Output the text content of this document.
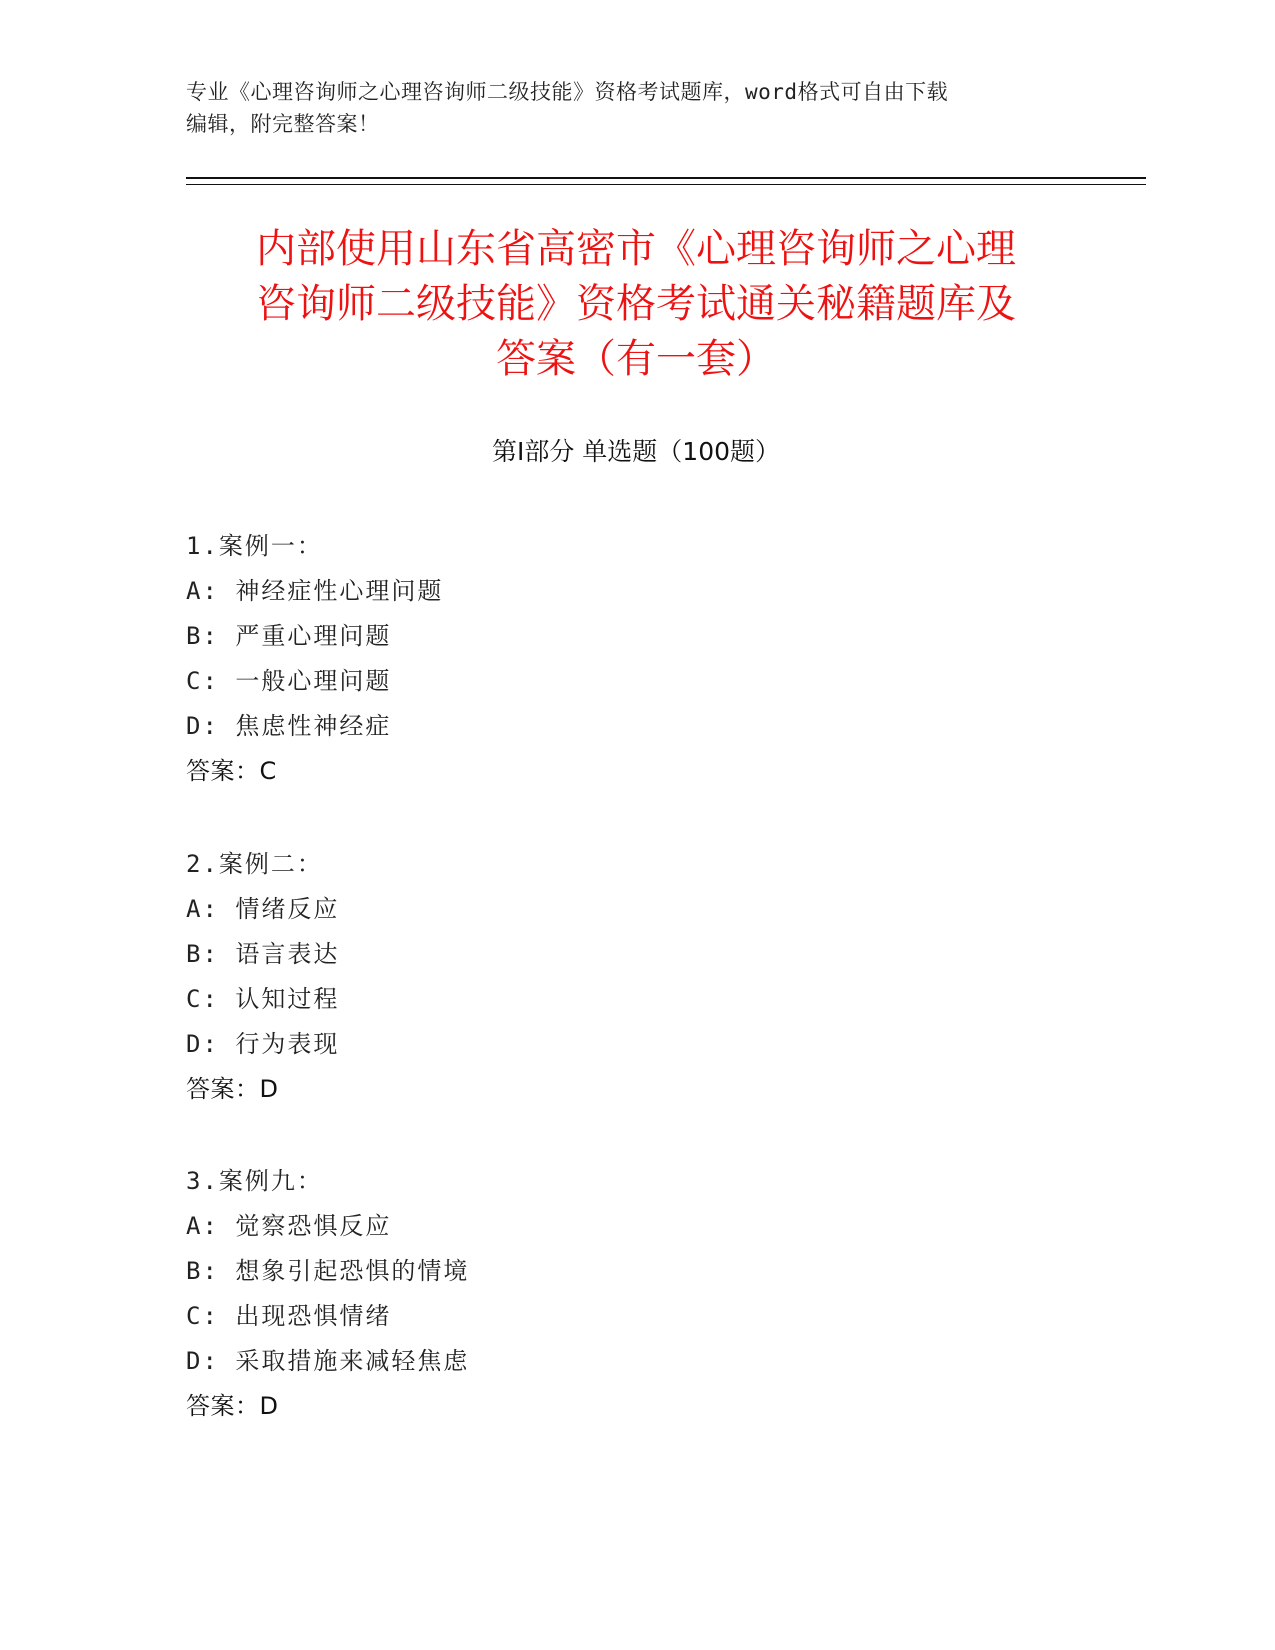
专业《心理咨询师之心理咨询师二级技能》资格考试题库，word格式可自由下载
编辑，附完整答案！
内部使用山东省高密市《心理咨询师之心理
咨询师二级技能》资格考试通关秘籍题库及
答案（有一套）
第Ⅰ部分 单选题（100题）
1.案例一：
A: 神经症性心理问题
B: 严重心理问题
C: 一般心理问题
D: 焦虑性神经症
答案：C
2.案例二：
A: 情绪反应
B: 语言表达
C: 认知过程
D: 行为表现
答案：D
3.案例九：
A: 觉察恐惧反应
B: 想象引起恐惧的情境
C: 出现恐惧情绪
D: 采取措施来减轻焦虑
答案：D
